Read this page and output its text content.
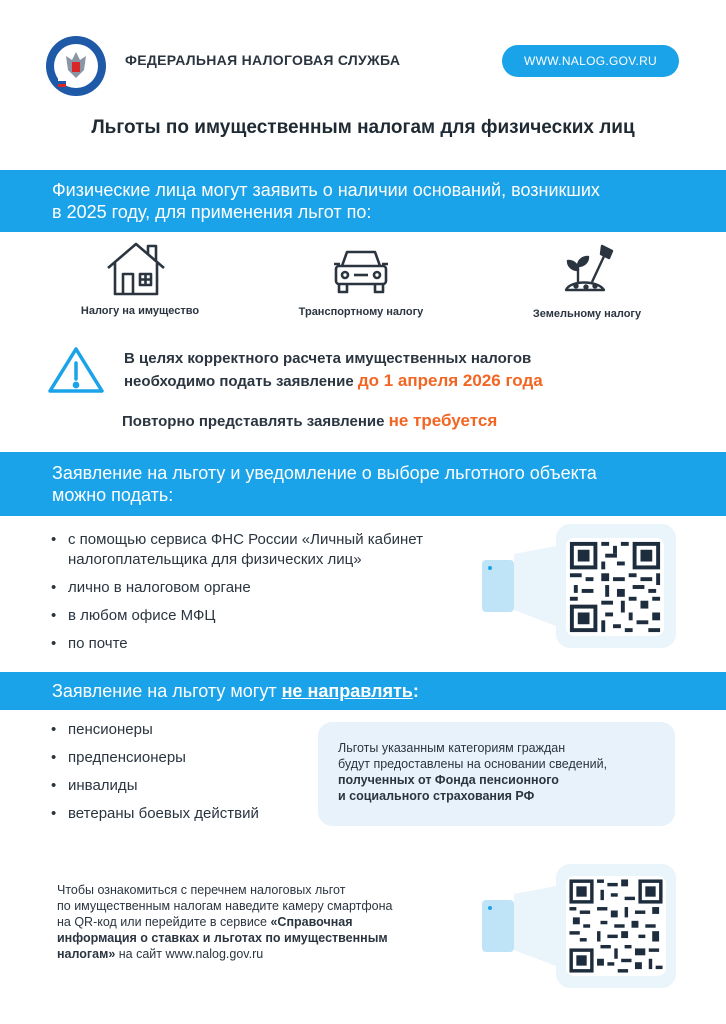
ФЕДЕРАЛЬНАЯ НАЛОГОВАЯ СЛУЖБА	WWW.NALOG.GOV.RU
Льготы по имущественным налогам для физических лиц
Физические лица могут заявить о наличии оснований, возникших
в 2025 году, для применения льгот по:
Налогу на имущество	Транспортному налогу	Земельному налогу
В целях корректного расчета имущественных налогов
необходимо подать заявление до 1 апреля 2026 года
Повторно представлять заявление не требуется
Заявление на льготу и уведомление о выборе льготного объекта
можно подать:
• с помощью сервиса ФНС России «Личный кабинет
налогоплательщика для физических лиц»
• лично в налоговом органе
• в любом офисе МФЦ
• по почте
Заявление на льготу могут не направлять:
• пенсионеры
• предпенсионеры
• инвалиды
• ветераны боевых действий
Льготы указанным категориям граждан
будут предоставлены на основании сведений,
полученных от Фонда пенсионного
и социального страхования РФ
Чтобы ознакомиться с перечнем налоговых льгот
по имущественным налогам наведите камеру смартфона
на QR-код или перейдите в сервисе «Справочная
информация о ставках и льготах по имущественным
налогам» на сайт www.nalog.gov.ru
